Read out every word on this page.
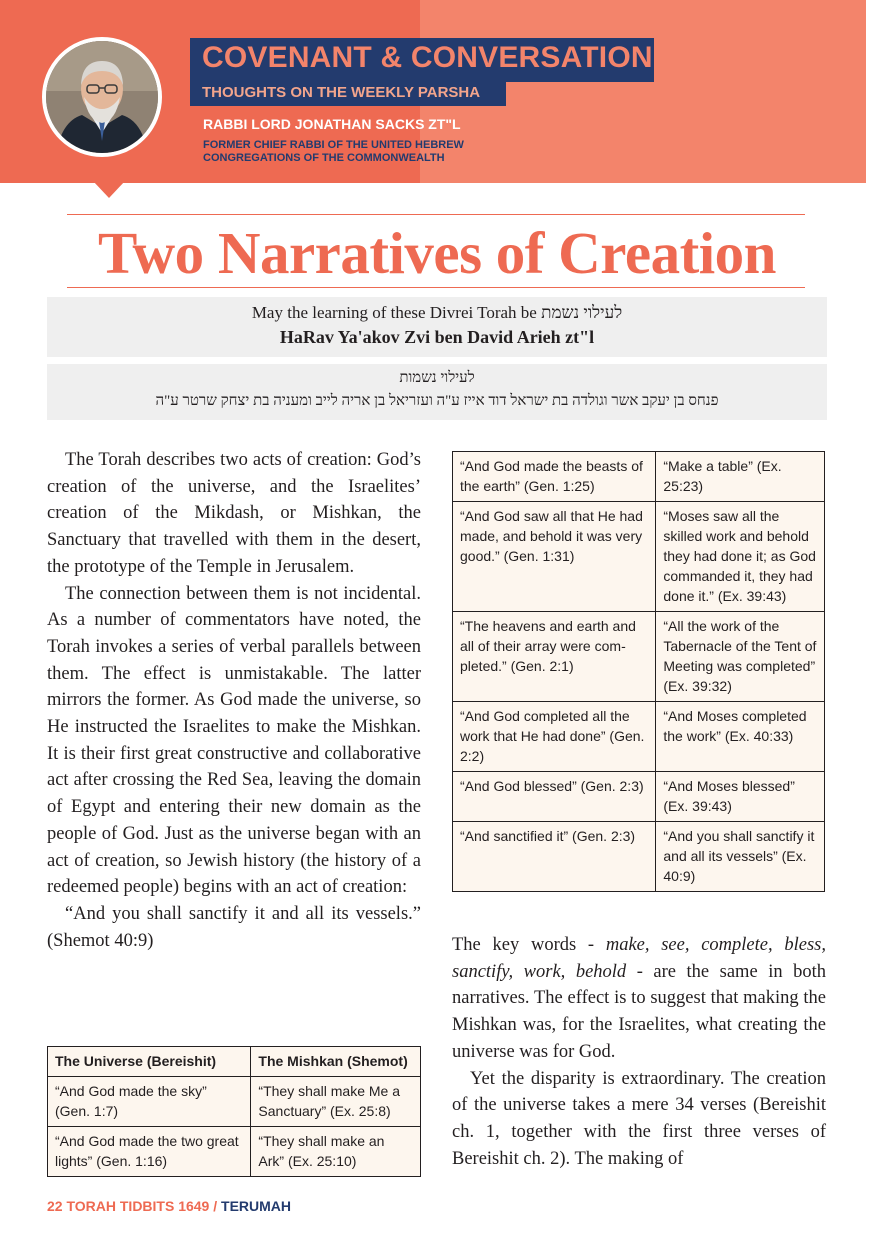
COVENANT & CONVERSATION
THOUGHTS ON THE WEEKLY PARSHA
RABBI LORD JONATHAN SACKS ZT"L
FORMER CHIEF RABBI OF THE UNITED HEBREW
CONGREGATIONS OF THE COMMONWEALTH
Two Narratives of Creation
May the learning of these Divrei Torah be לעילוי נשמת
HaRav Ya'akov Zvi ben David Arieh zt"l
לעילוי נשמות
פנחס בן יעקב אשר וגולדה בת ישראל דוד אייז ע"ה ועזריאל בן אריה לייב ומעניה בת יצחק שרטר ע"ה

The Torah describes two acts of creation: God’s creation of the universe, and the Israelites’ creation of the Mikdash, or Mishkan, the Sanctuary that travelled with them in the desert, the prototype of the Temple in Jerusalem.

The connection between them is not incidental. As a number of commentators have noted, the Torah invokes a series of verbal parallels between them. The effect is unmistakable. The latter mirrors the former. As God made the universe, so He instructed the Israelites to make the Mishkan. It is their first great constructive and collaborative act after crossing the Red Sea, leaving the domain of Egypt and entering their new domain as the people of God. Just as the universe began with an act of creation, so Jewish history (the history of a redeemed people) begins with an act of creation:

“And you shall sanctify it and all its vessels.” (Shemot 40:9)

The Universe (Bereishit)	The Mishkan (Shemot)
“And God made the sky” (Gen. 1:7)	“They shall make Me a Sanctuary” (Ex. 25:8)
“And God made the two great lights” (Gen. 1:16)	“They shall make an Ark” (Ex. 25:10)
“And God made the beasts of the earth” (Gen. 1:25)	“Make a table” (Ex. 25:23)
“And God saw all that He had made, and behold it was very good.” (Gen. 1:31)	“Moses saw all the skilled work and behold they had done it; as God commanded it, they had done it.” (Ex. 39:43)
“The heavens and earth and all of their array were completed.” (Gen. 2:1)	“All the work of the Tabernacle of the Tent of Meeting was completed” (Ex. 39:32)
“And God completed all the work that He had done” (Gen. 2:2)	“And Moses completed the work” (Ex. 40:33)
“And God blessed” (Gen. 2:3)	“And Moses blessed” (Ex. 39:43)
“And sanctified it” (Gen. 2:3)	“And you shall sanctify it and all its vessels” (Ex. 40:9)

The key words - make, see, complete, bless, sanctify, work, behold - are the same in both narratives. The effect is to suggest that making the Mishkan was, for the Israelites, what creating the universe was for God.

Yet the disparity is extraordinary. The creation of the universe takes a mere 34 verses (Bereishit ch. 1, together with the first three verses of Bereishit ch. 2). The making of

22 TORAH TIDBITS 1649 / TERUMAH
